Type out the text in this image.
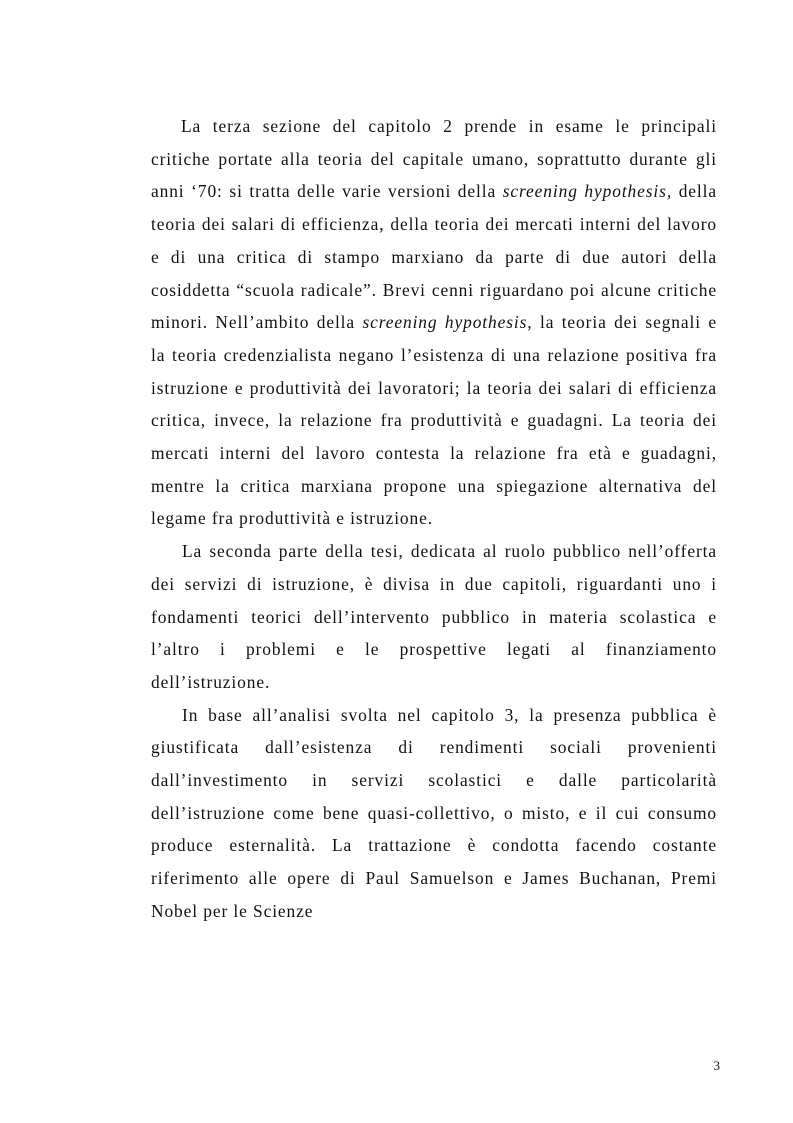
La terza sezione del capitolo 2 prende in esame le principali critiche portate alla teoria del capitale umano, soprattutto durante gli anni ‘70: si tratta delle varie versioni della screening hypothesis, della teoria dei salari di efficienza, della teoria dei mercati interni del lavoro e di una critica di stampo marxiano da parte di due autori della cosiddetta “scuola radicale”. Brevi cenni riguardano poi alcune critiche minori. Nell’ambito della screening hypothesis, la teoria dei segnali e la teoria credenzialista negano l’esistenza di una relazione positiva fra istruzione e produttività dei lavoratori; la teoria dei salari di efficienza critica, invece, la relazione fra produttività e guadagni. La teoria dei mercati interni del lavoro contesta la relazione fra età e guadagni, mentre la critica marxiana propone una spiegazione alternativa del legame fra produttività e istruzione.

La seconda parte della tesi, dedicata al ruolo pubblico nell’offerta dei servizi di istruzione, è divisa in due capitoli, riguardanti uno i fondamenti teorici dell’intervento pubblico in materia scolastica e l’altro i problemi e le prospettive legati al finanziamento dell’istruzione.

In base all’analisi svolta nel capitolo 3, la presenza pubblica è giustificata dall’esistenza di rendimenti sociali provenienti dall’investimento in servizi scolastici e dalle particolarità dell’istruzione come bene quasi-collettivo, o misto, e il cui consumo produce esternalità. La trattazione è condotta facendo costante riferimento alle opere di Paul Samuelson e James Buchanan, Premi Nobel per le Scienze

3
